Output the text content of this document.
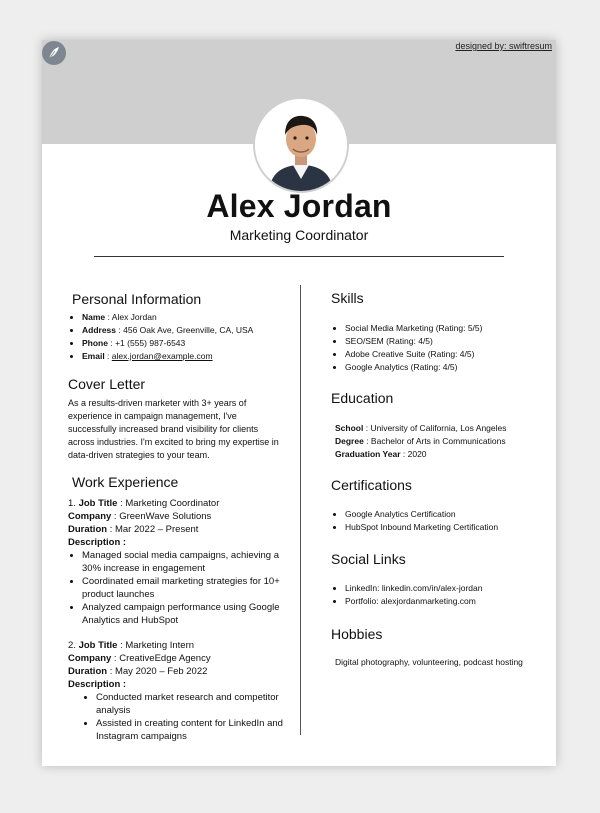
designed by: swiftresum
Alex Jordan
Marketing Coordinator
Personal Information
• Name : Alex Jordan
• Address : 456 Oak Ave, Greenville, CA, USA
• Phone : +1 (555) 987-6543
• Email : alex.jordan@example.com
Cover Letter
As a results-driven marketer with 3+ years of experience in campaign management, I've successfully increased brand visibility for clients across industries. I'm excited to bring my expertise in data-driven strategies to your team.
Work Experience
1. Job Title : Marketing Coordinator
Company : GreenWave Solutions
Duration : Mar 2022 – Present
Description :
• Managed social media campaigns, achieving a 30% increase in engagement
• Coordinated email marketing strategies for 10+ product launches
• Analyzed campaign performance using Google Analytics and HubSpot
2. Job Title : Marketing Intern
Company : CreativeEdge Agency
Duration : May 2020 – Feb 2022
Description :
• Conducted market research and competitor analysis
• Assisted in creating content for LinkedIn and Instagram campaigns
Skills
• Social Media Marketing (Rating: 5/5)
• SEO/SEM (Rating: 4/5)
• Adobe Creative Suite (Rating: 4/5)
• Google Analytics (Rating: 4/5)
Education
School : University of California, Los Angeles
Degree : Bachelor of Arts in Communications
Graduation Year : 2020
Certifications
• Google Analytics Certification
• HubSpot Inbound Marketing Certification
Social Links
• LinkedIn: linkedin.com/in/alex-jordan
• Portfolio: alexjordanmarketing.com
Hobbies
Digital photography, volunteering, podcast hosting
